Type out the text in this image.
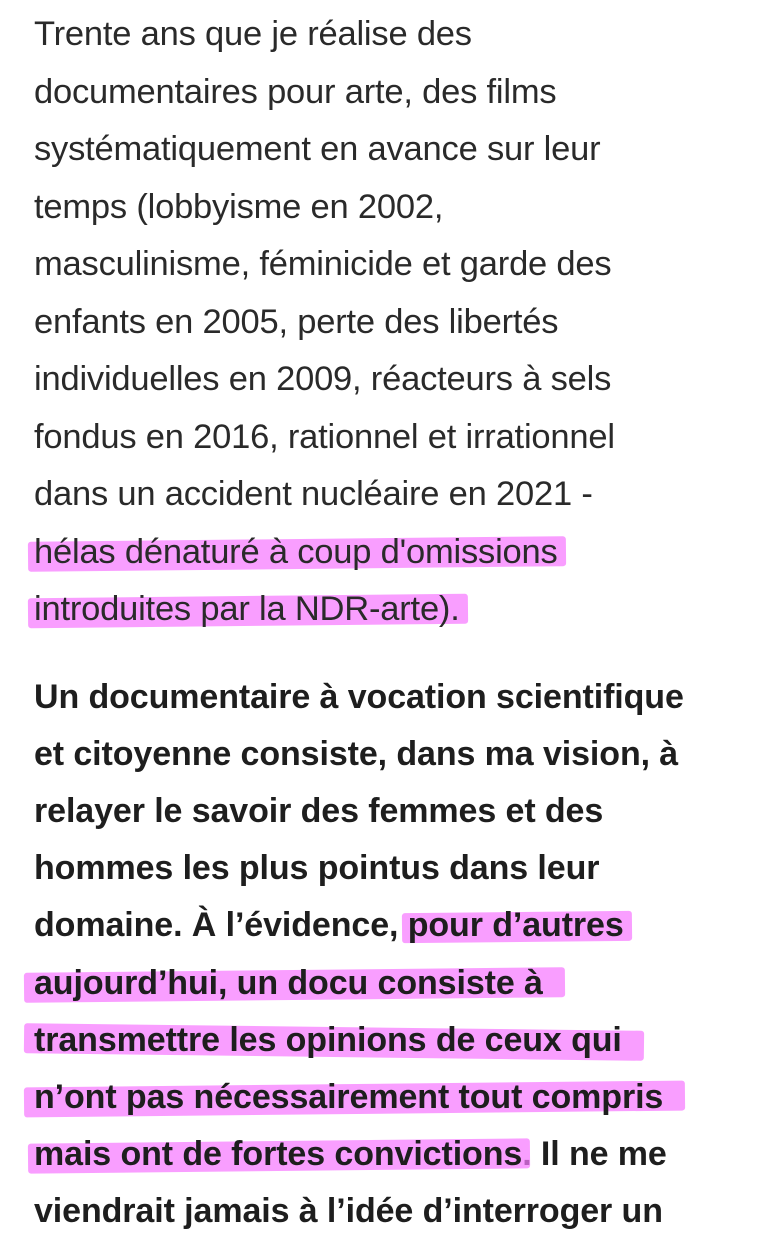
Trente ans que je réalise des
documentaires pour arte, des films
systématiquement en avance sur leur
temps (lobbyisme en 2002,
masculinisme, féminicide et garde des
enfants en 2005, perte des libertés
individuelles en 2009, réacteurs à sels
fondus en 2016, rationnel et irrationnel
dans un accident nucléaire en 2021 -
hélas dénaturé à coup d'omissions
introduites par la NDR-arte).

Un documentaire à vocation scientifique
et citoyenne consiste, dans ma vision, à
relayer le savoir des femmes et des
hommes les plus pointus dans leur
domaine. À l’évidence, pour d’autres
aujourd’hui, un docu consiste à
transmettre les opinions de ceux qui
n’ont pas nécessairement tout compris
mais ont de fortes convictions. Il ne me
viendrait jamais à l’idée d’interroger un
